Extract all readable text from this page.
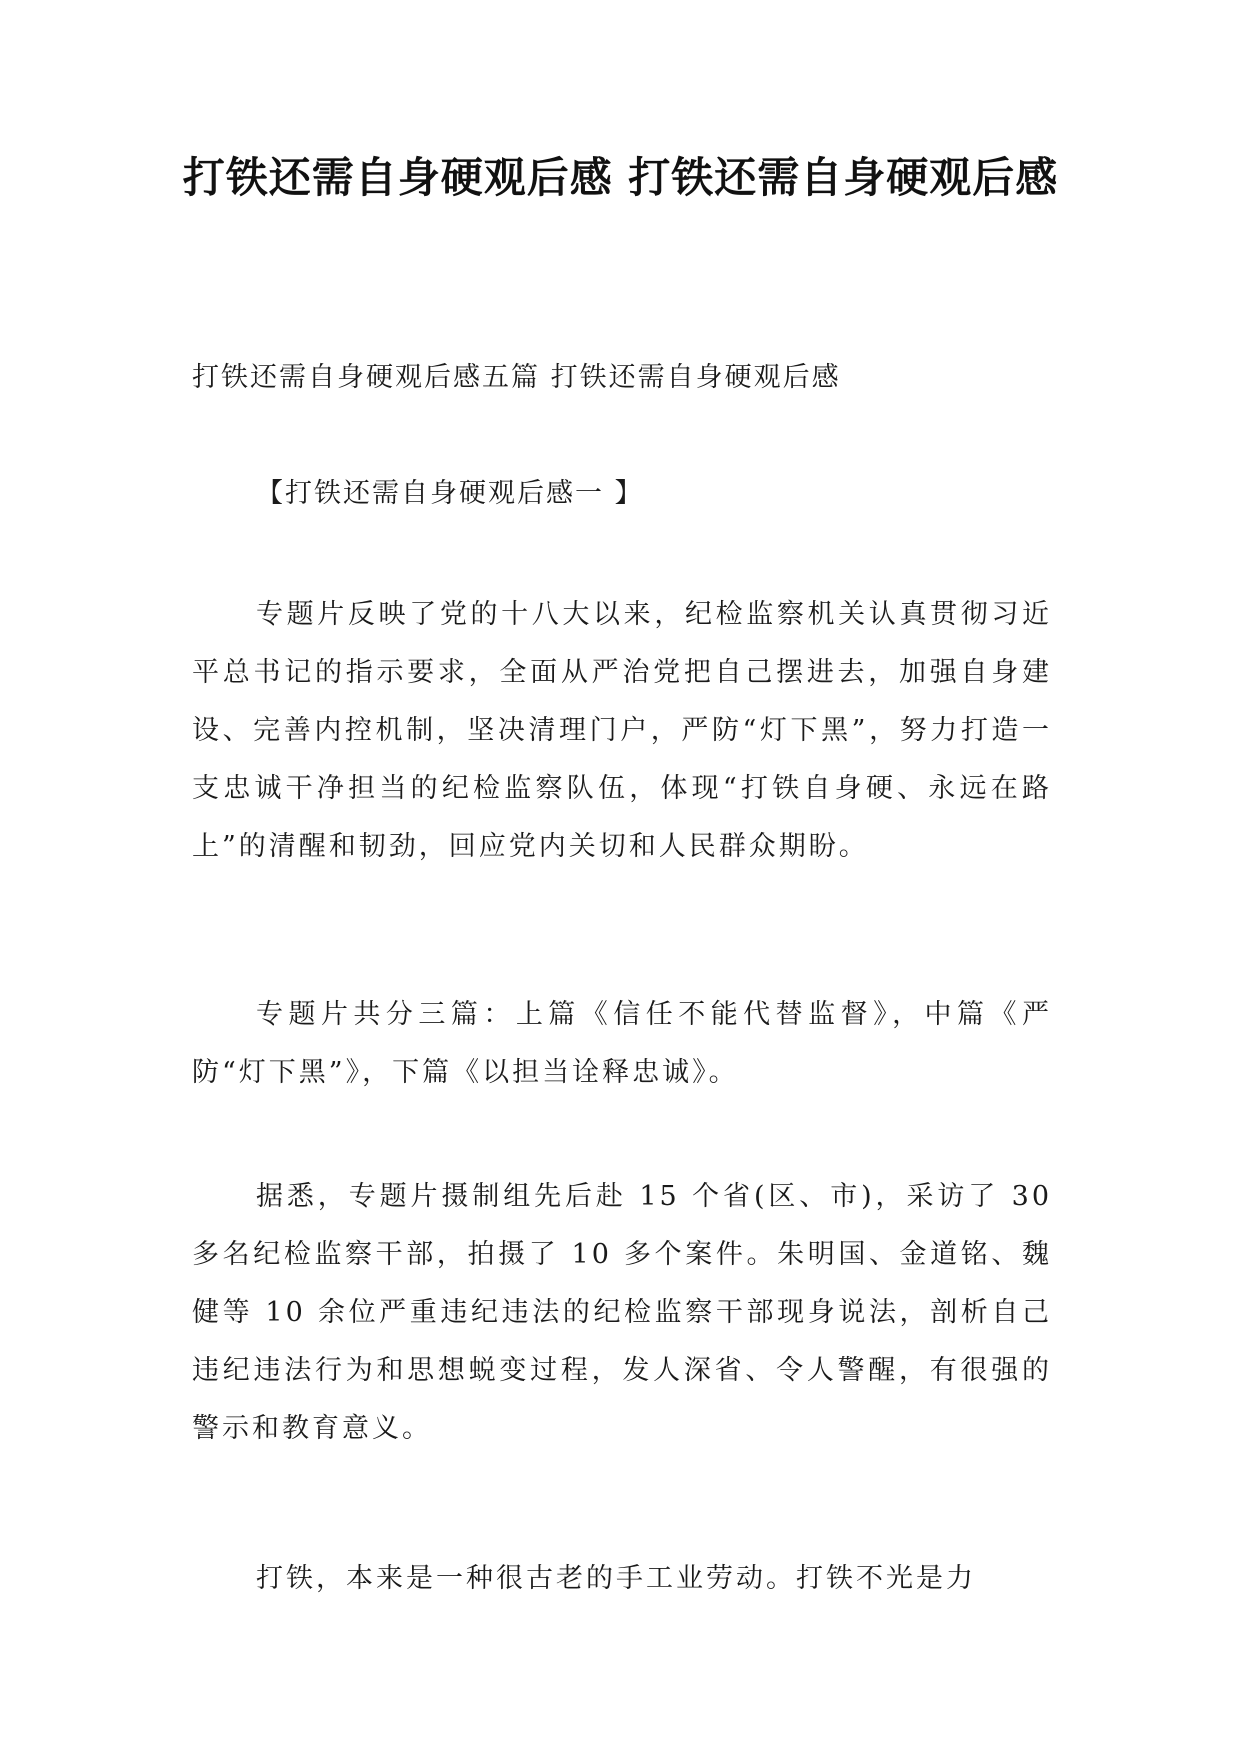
打铁还需自身硬观后感 打铁还需自身硬观后感

打铁还需自身硬观后感五篇 打铁还需自身硬观后感

【打铁还需自身硬观后感一 】

专题片反映了党的十八大以来，纪检监察机关认真贯彻习近平总书记的指示要求，全面从严治党把自己摆进去，加强自身建设、完善内控机制，坚决清理门户，严防“灯下黑”，努力打造一支忠诚干净担当的纪检监察队伍，体现“打铁自身硬、永远在路上”的清醒和韧劲，回应党内关切和人民群众期盼。

专题片共分三篇：上篇《信任不能代替监督》，中篇《严防“灯下黑”》，下篇《以担当诠释忠诚》。

据悉，专题片摄制组先后赴 15 个省(区、市)，采访了 30 多名纪检监察干部，拍摄了 10 多个案件。朱明国、金道铭、魏健等 10 余位严重违纪违法的纪检监察干部现身说法，剖析自己违纪违法行为和思想蜕变过程，发人深省、令人警醒，有很强的警示和教育意义。

打铁，本来是一种很古老的手工业劳动。打铁不光是力
